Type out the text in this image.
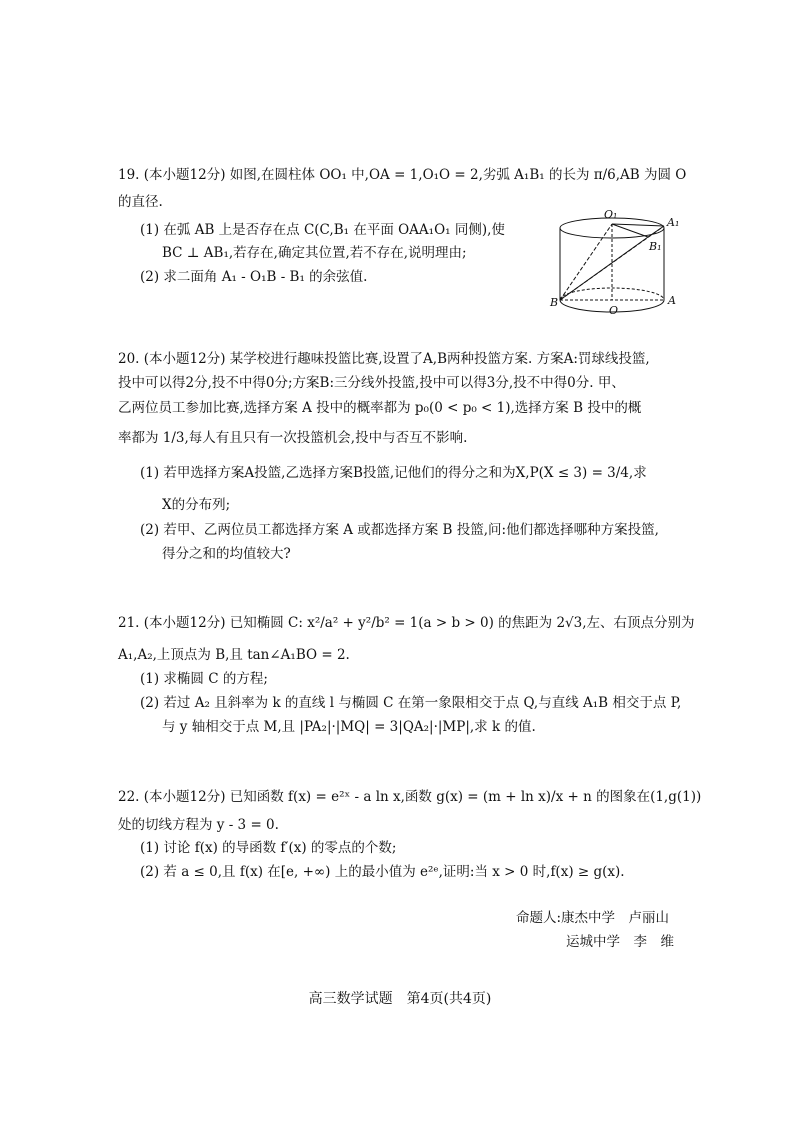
19. (本小题12分) 如图,在圆柱体 OO₁ 中,OA = 1,O₁O = 2,劣弧 A₁B₁ 的长为 π/6,AB 为圆 O
的直径.
(1) 在弧 AB 上是否存在点 C(C,B₁ 在平面 OAA₁O₁ 同侧),使
BC ⊥ AB₁,若存在,确定其位置,若不存在,说明理由;
(2) 求二面角 A₁ - O₁B - B₁ 的余弦值.
O₁
A₁
B₁
B
O
A
20. (本小题12分) 某学校进行趣味投篮比赛,设置了A,B两种投篮方案. 方案A:罚球线投篮,
投中可以得2分,投不中得0分;方案B:三分线外投篮,投中可以得3分,投不中得0分. 甲、
乙两位员工参加比赛,选择方案 A 投中的概率都为 p₀(0 < p₀ < 1),选择方案 B 投中的概
率都为 1/3,每人有且只有一次投篮机会,投中与否互不影响.
(1) 若甲选择方案A投篮,乙选择方案B投篮,记他们的得分之和为X,P(X ≤ 3) = 3/4,求
X的分布列;
(2) 若甲、乙两位员工都选择方案 A 或都选择方案 B 投篮,问:他们都选择哪种方案投篮,
得分之和的均值较大?
21. (本小题12分) 已知椭圆 C: x²/a² + y²/b² = 1(a > b > 0) 的焦距为 2√3,左、右顶点分别为
A₁,A₂,上顶点为 B,且 tan∠A₁BO = 2.
(1) 求椭圆 C 的方程;
(2) 若过 A₂ 且斜率为 k 的直线 l 与椭圆 C 在第一象限相交于点 Q,与直线 A₁B 相交于点 P,
与 y 轴相交于点 M,且 |PA₂|·|MQ| = 3|QA₂|·|MP|,求 k 的值.
22. (本小题12分) 已知函数 f(x) = e²ˣ - a ln x,函数 g(x) = (m + ln x)/x + n 的图象在(1,g(1))
处的切线方程为 y - 3 = 0.
(1) 讨论 f(x) 的导函数 f′(x) 的零点的个数;
(2) 若 a ≤ 0,且 f(x) 在[e, +∞) 上的最小值为 e²ᵉ,证明:当 x > 0 时,f(x) ≥ g(x).
命题人:康杰中学　卢丽山
运城中学　李　维
高三数学试题　第4页(共4页)
